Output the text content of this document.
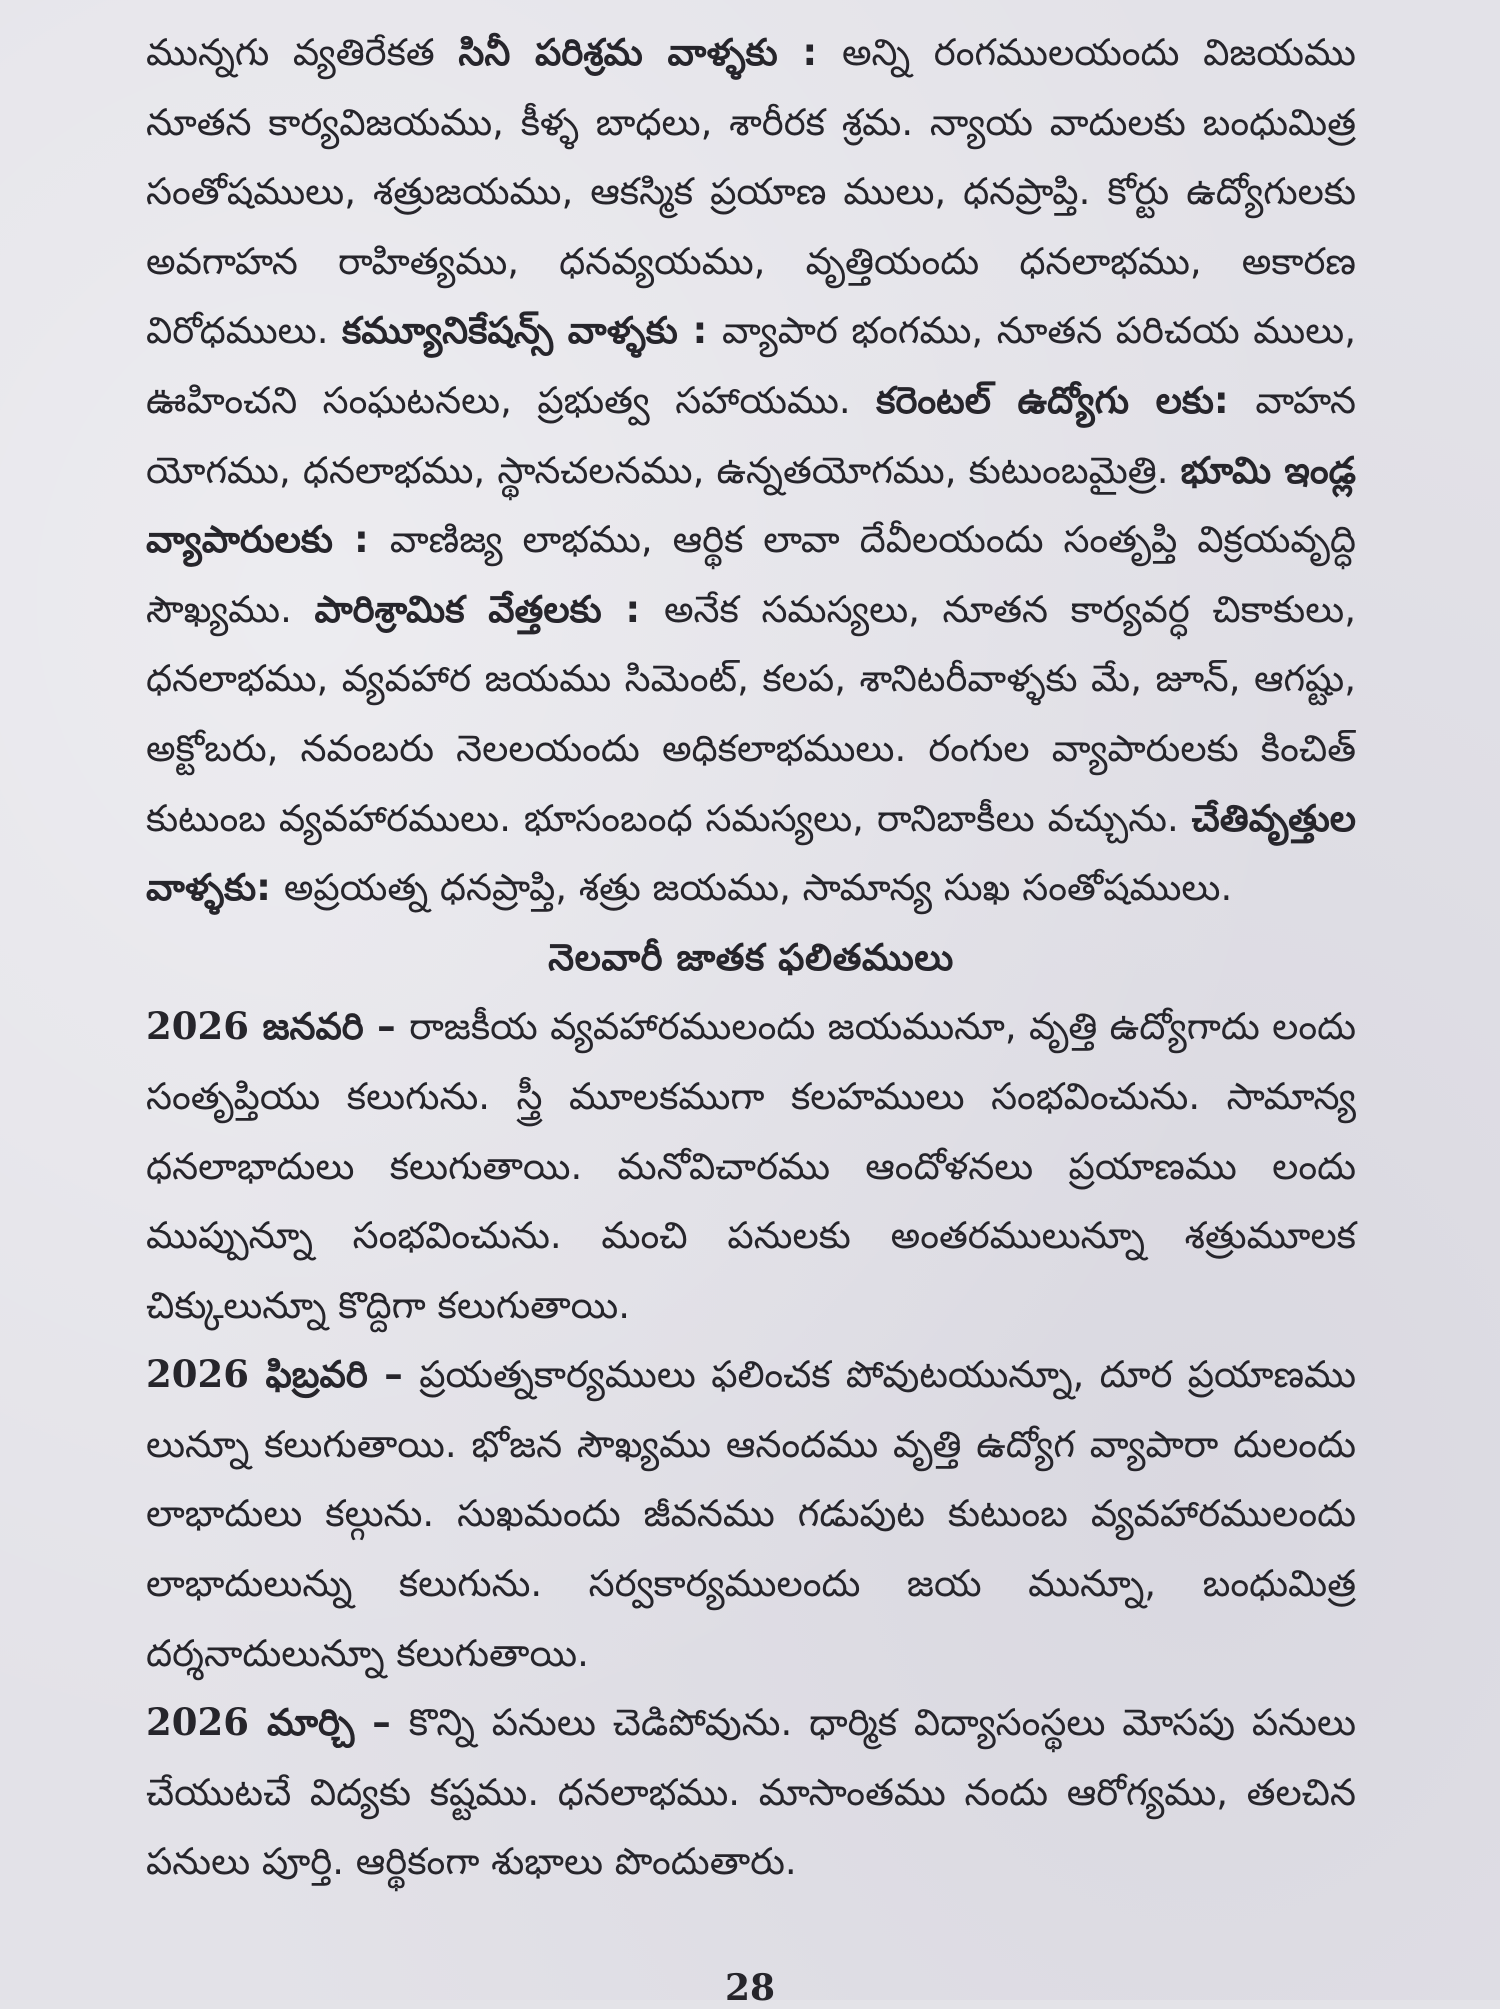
మున్నగు వ్యతిరేకత సినీ పరిశ్రమ వాళ్ళకు : అన్ని రంగములయందు విజయము నూతన కార్యవిజయము, కీళ్ళ బాధలు, శారీరక శ్రమ. న్యాయ వాదులకు బంధుమిత్ర సంతోషములు, శత్రుజయము, ఆకస్మిక ప్రయాణ ములు, ధనప్రాప్తి. కోర్టు ఉద్యోగులకు అవగాహన రాహిత్యము, ధనవ్యయము, వృత్తియందు ధనలాభము, అకారణ విరోధములు. కమ్యూనికేషన్స్ వాళ్ళకు : వ్యాపార భంగము, నూతన పరిచయ ములు, ఊహించని సంఘటనలు, ప్రభుత్వ సహాయము. కరెంటల్ ఉద్యోగు లకు: వాహన యోగము, ధనలాభము, స్థానచలనము, ఉన్నతయోగము, కుటుంబమైత్రి. భూమి ఇండ్ల వ్యాపారులకు : వాణిజ్య లాభము, ఆర్థిక లావా దేవీలయందు సంతృప్తి విక్రయవృద్ధి సౌఖ్యము. పారిశ్రామిక వేత్తలకు : అనేక సమస్యలు, నూతన కార్యవర్ధ చికాకులు, ధనలాభము, వ్యవహార జయము సిమెంట్, కలప, శానిటరీవాళ్ళకు మే, జూన్, ఆగష్టు, అక్టోబరు, నవంబరు నెలలయందు అధికలాభములు. రంగుల వ్యాపారులకు కించిత్ కుటుంబ వ్యవహారములు. భూసంబంధ సమస్యలు, రానిబాకీలు వచ్చును. చేతివృత్తుల వాళ్ళకు: అప్రయత్న ధనప్రాప్తి, శత్రు జయము, సామాన్య సుఖ సంతోషములు.

నెలవారీ జాతక ఫలితములు

2026 జనవరి – రాజకీయ వ్యవహారములందు జయమునూ, వృత్తి ఉద్యోగాదు లందు సంతృప్తియు కలుగును. స్త్రీ మూలకముగా కలహములు సంభవించును. సామాన్య ధనలాభాదులు కలుగుతాయి. మనోవిచారము ఆందోళనలు ప్రయాణము లందు ముప్పున్నూ సంభవించును. మంచి పనులకు అంతరములున్నూ శత్రుమూలక చిక్కులున్నూ కొద్దిగా కలుగుతాయి.

2026 ఫిబ్రవరి – ప్రయత్నకార్యములు ఫలించక పోవుటయున్నూ, దూర ప్రయాణము లున్నూ కలుగుతాయి. భోజన సౌఖ్యము ఆనందము వృత్తి ఉద్యోగ వ్యాపారా దులందు లాభాదులు కల్గును. సుఖమందు జీవనము గడుపుట కుటుంబ వ్యవహారములందు లాభాదులున్ను కలుగును. సర్వకార్యములందు జయ మున్నూ, బంధుమిత్ర దర్శనాదులున్నూ కలుగుతాయి.

2026 మార్చి – కొన్ని పనులు చెడిపోవును. ధార్మిక విద్యాసంస్థలు మోసపు పనులు చేయుటచే విద్యకు కష్టము. ధనలాభము. మాసాంతము నందు ఆరోగ్యము, తలచిన పనులు పూర్తి. ఆర్థికంగా శుభాలు పొందుతారు.

28
